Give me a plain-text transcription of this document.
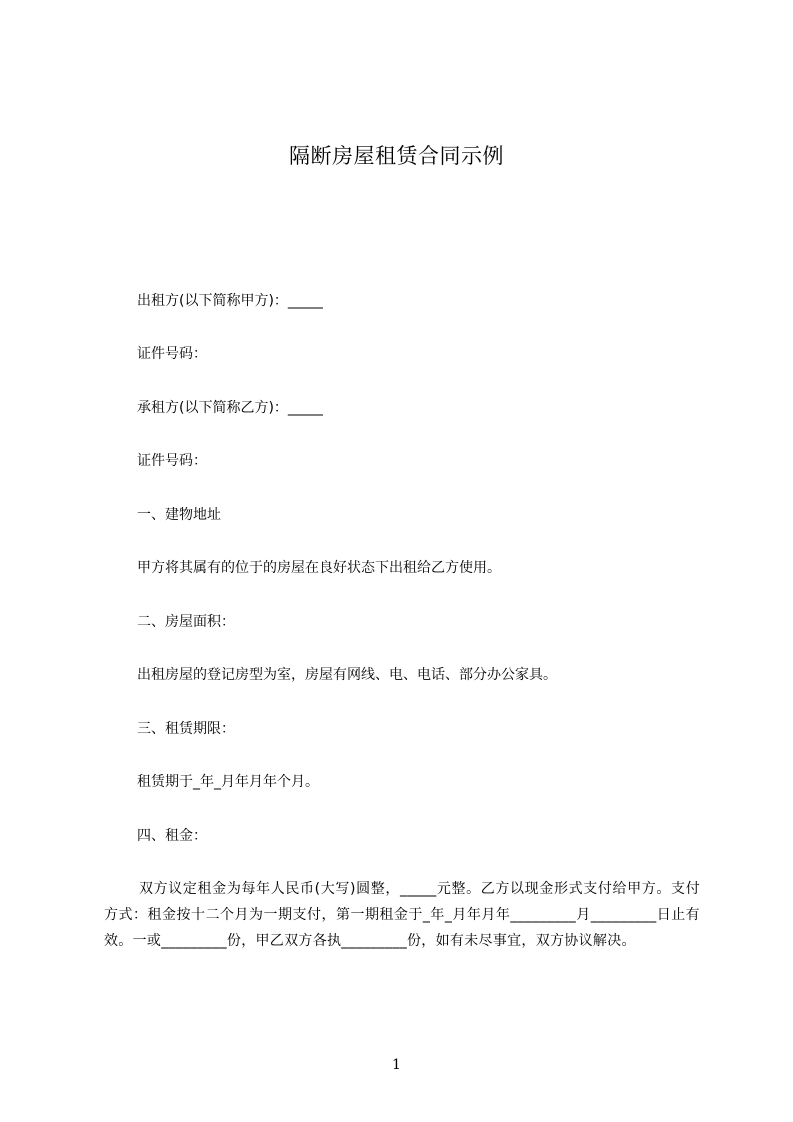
隔断房屋租赁合同示例
出租方(以下简称甲方)：_____
证件号码：
承租方(以下简称乙方)：_____
证件号码：
一、建物地址
甲方将其属有的位于的房屋在良好状态下出租给乙方使用。
二、房屋面积：
出租房屋的登记房型为室，房屋有网线、电、电话、部分办公家具。
三、租赁期限：
租赁期于_年_月年月年个月。
四、租金：
双方议定租金为每年人民币(大写)圆整，_____元整。乙方以现金形式支付给甲方。支付方式：租金按十二个月为一期支付，第一期租金于_年_月年月年_________月_________日止有效。一或_________份，甲乙双方各执_________份，如有未尽事宜，双方协议解决。
1
